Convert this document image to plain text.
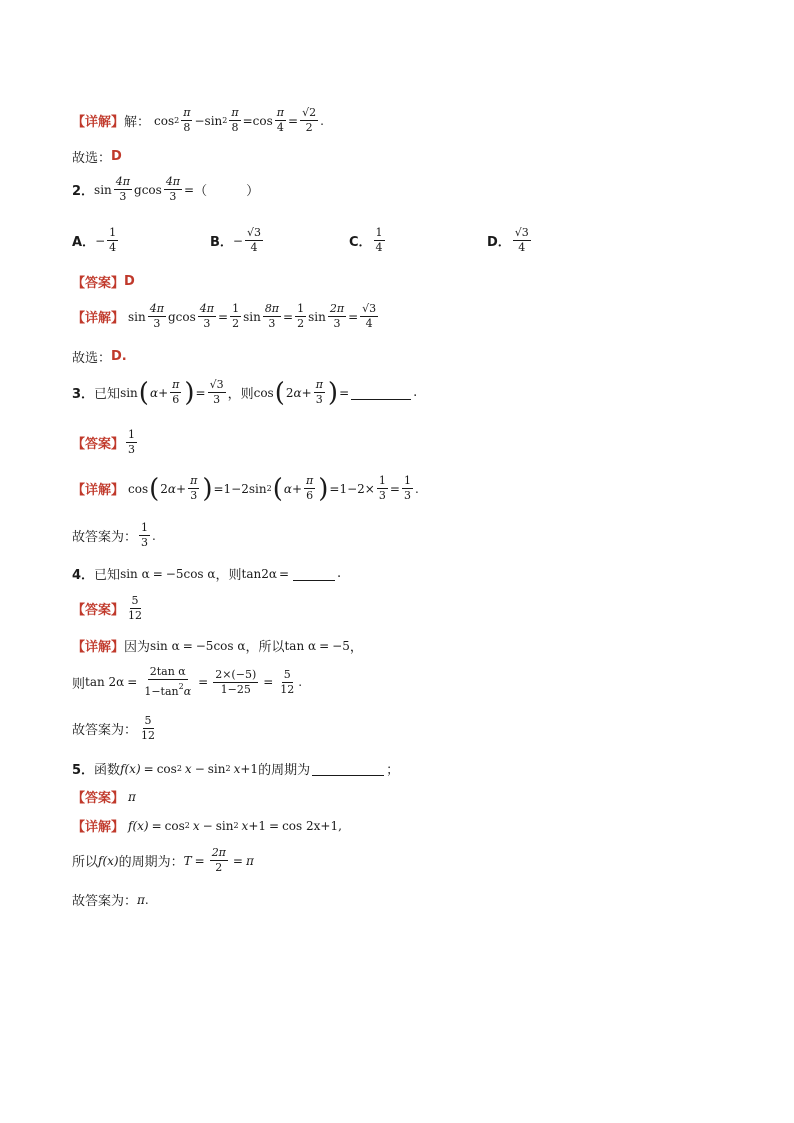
【详解】 解： $\cos 2 \frac{\pi}{8} - \sin 2 \frac{\pi}{8} = \cos \frac{\pi}{4} = \frac{√2}{2}$ .
故选： D
2． $\sin \frac{4\pi}{3}$ g $\cos \frac{4\pi}{3}$ = （　　　）
A． − $\frac{1}{4}$	B． − $\frac{√3}{4}$	C． $\frac{1}{4}$	D． $\frac{√3}{4}$
【答案】 D
【详解】 $\sin \frac{4\pi}{3}$ g $\cos \frac{4\pi}{3} = \frac{1}{2}$ $\sin \frac{8\pi}{3} = \frac{1}{2}$ $\sin \frac{2\pi}{3} = \frac{√3}{4}$
故选： D.
3． 已知 sin ( $\alpha + \frac{\pi}{6}$ ) = $\frac{√3}{3}$ ，则 cos ( 2 $\alpha + \frac{\pi}{3}$ ) =	.
【答案】 $\frac{1}{3}$
【详解】 cos ( 2 $\alpha + \frac{\pi}{3}$ ) = 1−2 sin 2 ( $\alpha + \frac{\pi}{6}$ ) = $1-2\times \frac{1}{3} = \frac{1}{3}$ .
故答案为： $\frac{1}{3}$ .
4． 已知 sin α = −5cos α ，则 tan2α =	.
【答案】 $\frac{5}{12}$
【详解】 因为 sin α = −5cos α ，所以 tan α = −5 ，
则 $\tan 2\alpha = \frac{\text{2tan α}}{1-\tan^2\alpha} = \frac{2\times(-5)}{1-25} = \frac{5}{12}$ .
故答案为： $\frac{5}{12}$
5． 函数 f(x) = cos 2 x − sin 2 x +1 的周期为	；
【答案】 π
【详解】 f(x) = cos 2 x − sin 2 x +1 = cos 2x+1 ,
所以 f(x) 的周期为： $T = \frac{2\pi}{2} = \pi$
故答案为： π .
